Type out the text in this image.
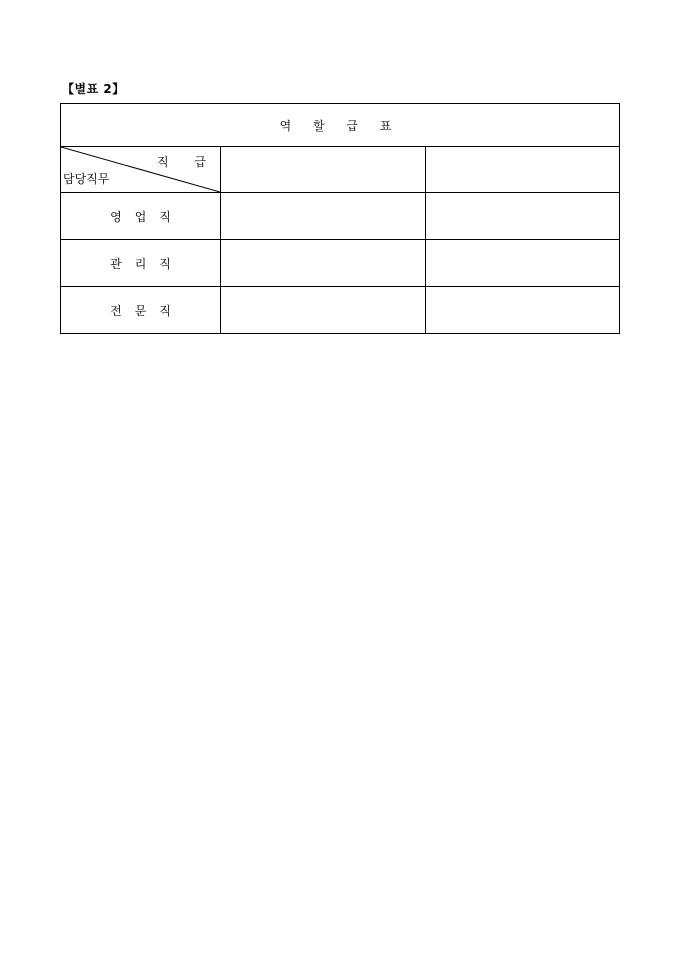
【별표 2】
역 할 급 표		

직 급
담당직무		

영업직		
관리직		
전문직		
